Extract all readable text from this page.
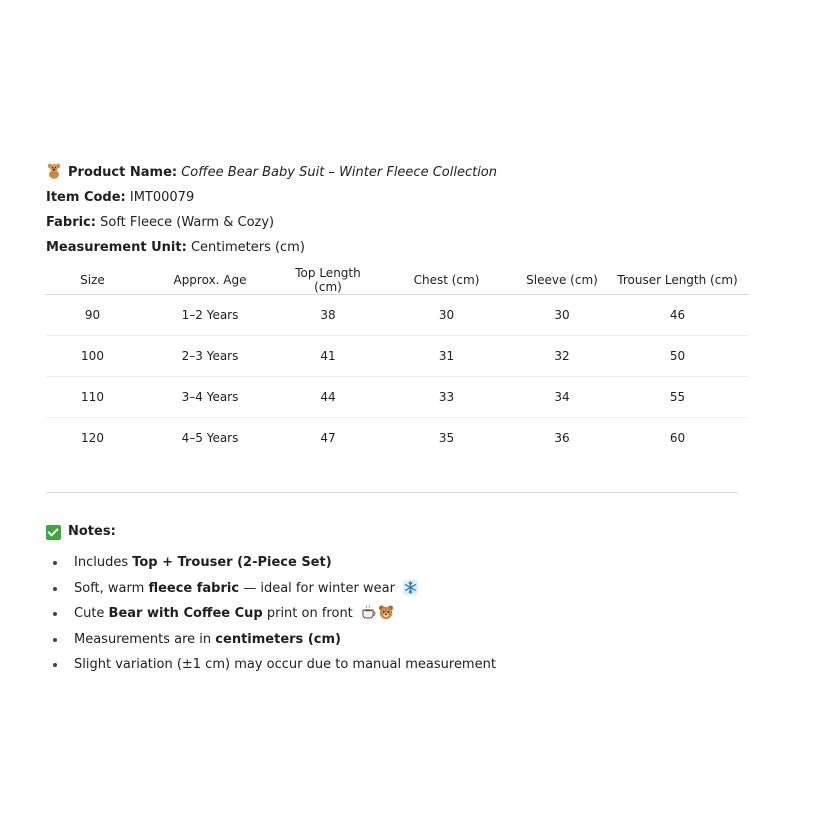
Product Name: Coffee Bear Baby Suit – Winter Fleece Collection
Item Code: IMT00079
Fabric: Soft Fleece (Warm & Cozy)
Measurement Unit: Centimeters (cm)
Size	Approx. Age	Top Length (cm)	Chest (cm)	Sleeve (cm)	Trouser Length (cm)
90	1–2 Years	38	30	30	46
100	2–3 Years	41	31	32	50
110	3–4 Years	44	33	34	55
120	4–5 Years	47	35	36	60
Notes:
Includes Top + Trouser (2-Piece Set)
Soft, warm fleece fabric — ideal for winter wear
Cute Bear with Coffee Cup print on front
Measurements are in centimeters (cm)
Slight variation (±1 cm) may occur due to manual measurement
